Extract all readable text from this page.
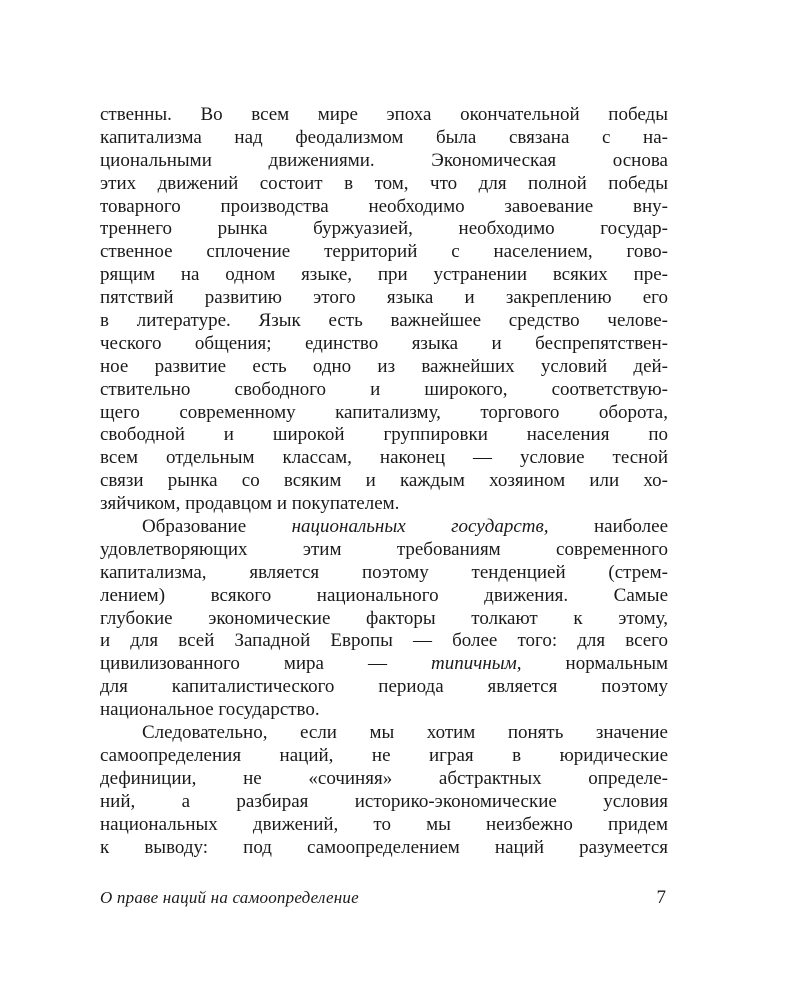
ственны. Во всем мире эпоха окончательной победы
капитализма над феодализмом была связана с на-
циональными движениями. Экономическая основа
этих движений состоит в том, что для полной победы
товарного производства необходимо завоевание вну-
треннего рынка буржуазией, необходимо государ-
ственное сплочение территорий с населением, гово-
рящим на одном языке, при устранении всяких пре-
пятствий развитию этого языка и закреплению его
в литературе. Язык есть важнейшее средство челове-
ческого общения; единство языка и беспрепятствен-
ное развитие есть одно из важнейших условий дей-
ствительно свободного и широкого, соответствую-
щего современному капитализму, торгового оборота,
свободной и широкой группировки населения по
всем отдельным классам, наконец — условие тесной
связи рынка со всяким и каждым хозяином или хо-
зяйчиком, продавцом и покупателем.
Образование национальных государств, наиболее
удовлетворяющих этим требованиям современного
капитализма, является поэтому тенденцией (стрем-
лением) всякого национального движения. Самые
глубокие экономические факторы толкают к этому,
и для всей Западной Европы — более того: для всего
цивилизованного мира — типичным, нормальным
для капиталистического периода является поэтому
национальное государство.
Следовательно, если мы хотим понять значение
самоопределения наций, не играя в юридические
дефиниции, не «сочиняя» абстрактных определе-
ний, а разбирая историко-экономические условия
национальных движений, то мы неизбежно придем
к выводу: под самоопределением наций разумеется
О праве наций на самоопределение	7
